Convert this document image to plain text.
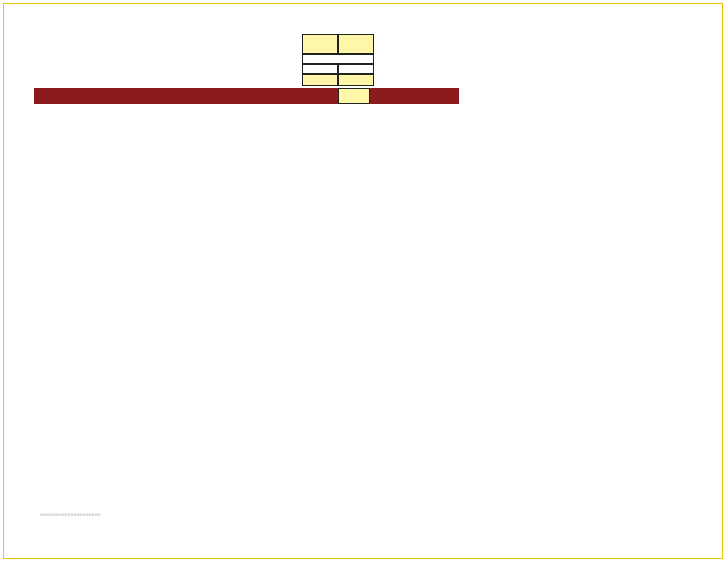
■■■■■■■■■■■■■■■■■■■■
